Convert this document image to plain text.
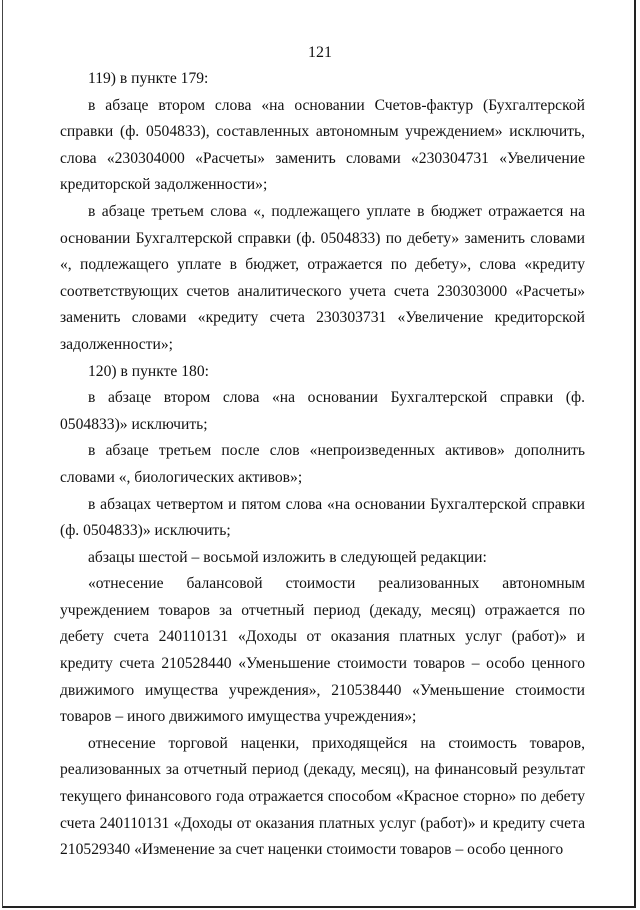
121

119) в пункте 179:

в абзаце втором слова «на основании Счетов-фактур (Бухгалтерской справки (ф. 0504833), составленных автономным учреждением» исключить, слова «230304000 «Расчеты» заменить словами «230304731 «Увеличение кредиторской задолженности»;

в абзаце третьем слова «, подлежащего уплате в бюджет отражается на основании Бухгалтерской справки (ф. 0504833) по дебету» заменить словами «, подлежащего уплате в бюджет, отражается по дебету», слова «кредиту соответствующих счетов аналитического учета счета 230303000 «Расчеты» заменить словами «кредиту счета 230303731 «Увеличение кредиторской задолженности»;

120) в пункте 180:

в абзаце втором слова «на основании Бухгалтерской справки (ф. 0504833)» исключить;

в абзаце третьем после слов «непроизведенных активов» дополнить словами «, биологических активов»;

в абзацах четвертом и пятом слова «на основании Бухгалтерской справки (ф. 0504833)» исключить;

абзацы шестой – восьмой изложить в следующей редакции:

«отнесение балансовой стоимости реализованных автономным учреждением товаров за отчетный период (декаду, месяц) отражается по дебету счета 240110131 «Доходы от оказания платных услуг (работ)» и кредиту счета 210528440 «Уменьшение стоимости товаров – особо ценного движимого имущества учреждения», 210538440 «Уменьшение стоимости товаров – иного движимого имущества учреждения»;

отнесение торговой наценки, приходящейся на стоимость товаров, реализованных за отчетный период (декаду, месяц), на финансовый результат текущего финансового года отражается способом «Красное сторно» по дебету счета 240110131 «Доходы от оказания платных услуг (работ)» и кредиту счета 210529340 «Изменение за счет наценки стоимости товаров – особо ценного
